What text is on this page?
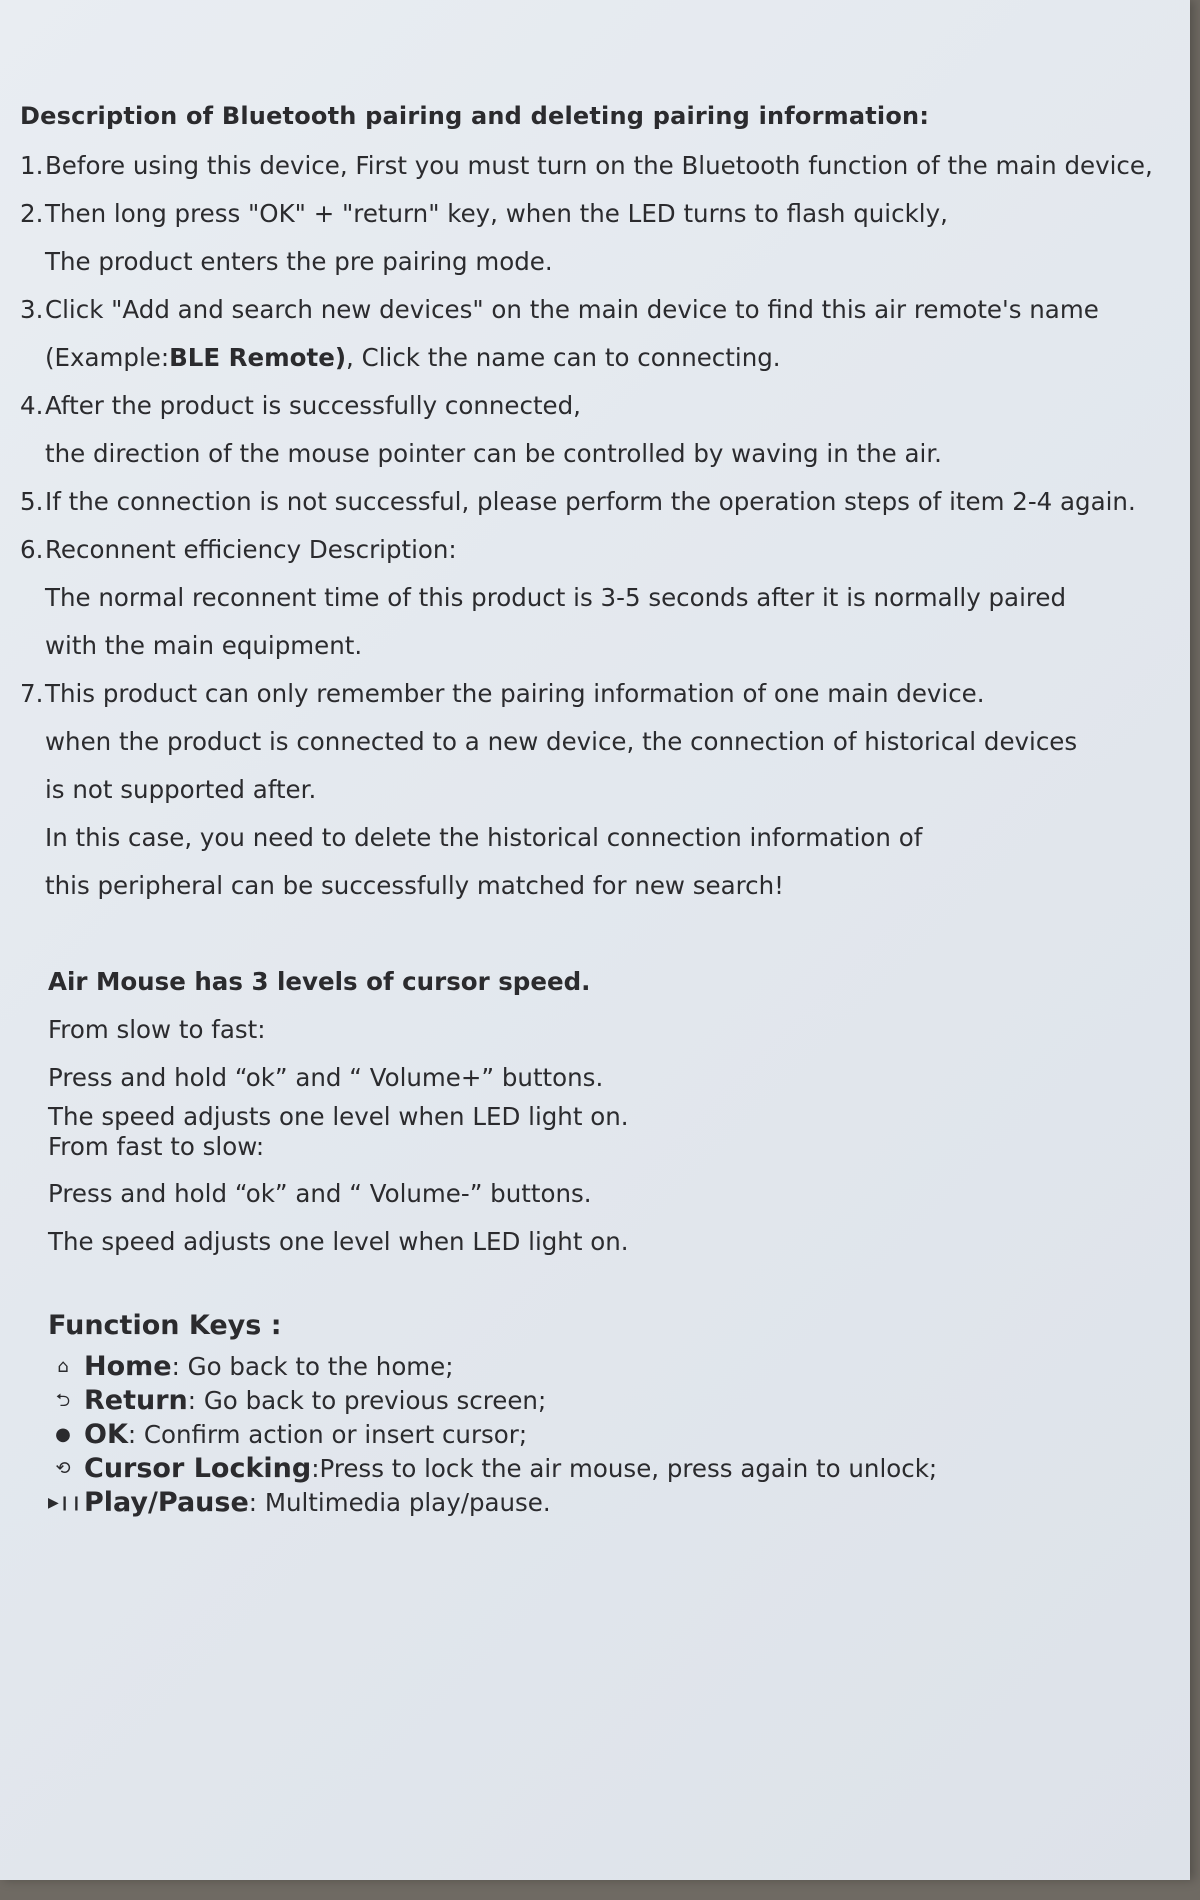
Description of Bluetooth pairing and deleting pairing information:
1.Before using this device, First you must turn on the Bluetooth function of the main device,
2.Then long press "OK" + "return" key, when the LED turns to flash quickly,
The product enters the pre pairing mode.
3.Click "Add and search new devices" on the main device to find this air remote's name
(Example:BLE Remote), Click the name can to connecting.
4.After the product is successfully connected,
the direction of the mouse pointer can be controlled by waving in the air.
5.If the connection is not successful, please perform the operation steps of item 2-4 again.
6.Reconnent efficiency Description:
The normal reconnent time of this product is 3-5 seconds after it is normally paired
with the main equipment.
7.This product can only remember the pairing information of one main device.
when the product is connected to a new device, the connection of historical devices
is not supported after.
In this case, you need to delete the historical connection information of
this peripheral can be successfully matched for new search!
Air Mouse has 3 levels of cursor speed.
From slow to fast:
Press and hold “ok” and “ Volume+” buttons.
The speed adjusts one level when LED light on.
From fast to slow:
Press and hold “ok” and “ Volume-” buttons.
The speed adjusts one level when LED light on.
Function Keys :
⌂ Home : Go back to the home;
⮌ Return : Go back to previous screen;
● OK : Confirm action or insert cursor;
⟲ Cursor Locking :Press to lock the air mouse, press again to unlock;
▶❙❙ Play/Pause : Multimedia play/pause.
